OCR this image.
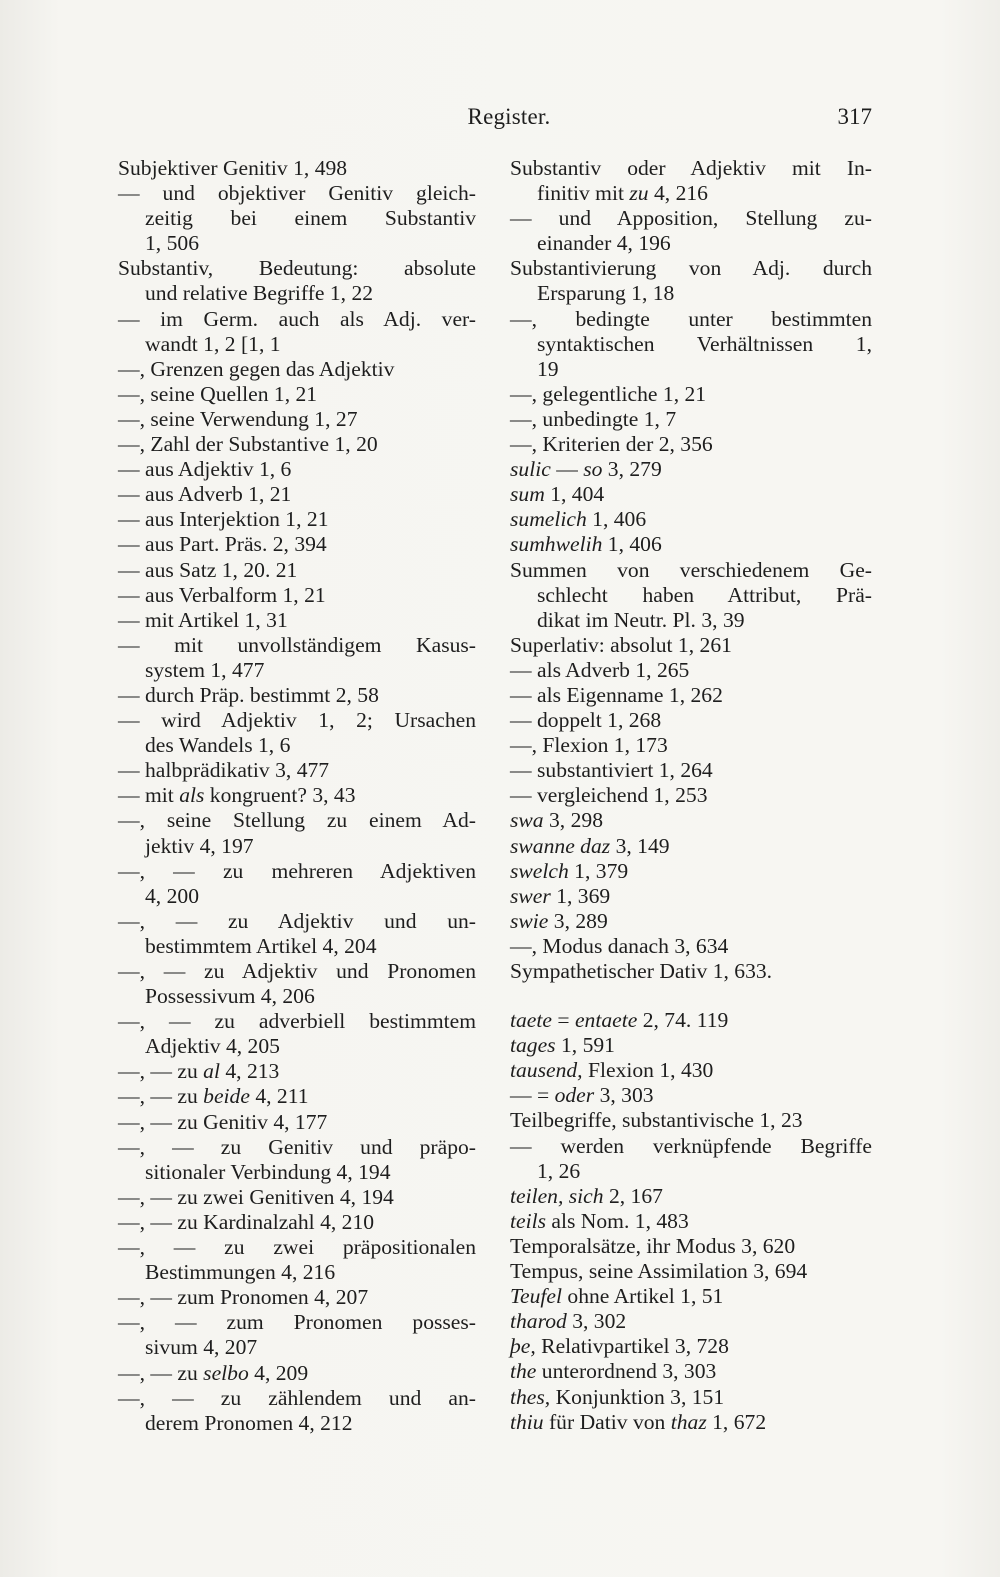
Register.	317
Subjektiver Genitiv 1, 498
— und objektiver Genitiv gleich-
zeitig bei einem Substantiv
1, 506
Substantiv, Bedeutung: absolute
und relative Begriffe 1, 22
— im Germ. auch als Adj. ver-
wandt 1, 2 [1, 1
—, Grenzen gegen das Adjektiv
—, seine Quellen 1, 21
—, seine Verwendung 1, 27
—, Zahl der Substantive 1, 20
— aus Adjektiv 1, 6
— aus Adverb 1, 21
— aus Interjektion 1, 21
— aus Part. Präs. 2, 394
— aus Satz 1, 20. 21
— aus Verbalform 1, 21
— mit Artikel 1, 31
— mit unvollständigem Kasus-
system 1, 477
— durch Präp. bestimmt 2, 58
— wird Adjektiv 1, 2; Ursachen
des Wandels 1, 6
— halbprädikativ 3, 477
— mit als kongruent? 3, 43
—, seine Stellung zu einem Ad-
jektiv 4, 197
—, — zu mehreren Adjektiven
4, 200
—, — zu Adjektiv und un-
bestimmtem Artikel 4, 204
—, — zu Adjektiv und Pronomen
Possessivum 4, 206
—, — zu adverbiell bestimmtem
Adjektiv 4, 205
—, — zu al 4, 213
—, — zu beide 4, 211
—, — zu Genitiv 4, 177
—, — zu Genitiv und präpo-
sitionaler Verbindung 4, 194
—, — zu zwei Genitiven 4, 194
—, — zu Kardinalzahl 4, 210
—, — zu zwei präpositionalen
Bestimmungen 4, 216
—, — zum Pronomen 4, 207
—, — zum Pronomen posses-
sivum 4, 207
—, — zu selbo 4, 209
—, — zu zählendem und an-
derem Pronomen 4, 212
Substantiv oder Adjektiv mit In-
finitiv mit zu 4, 216
— und Apposition, Stellung zu-
einander 4, 196
Substantivierung von Adj. durch
Ersparung 1, 18
—, bedingte unter bestimmten
syntaktischen Verhältnissen 1,
19
—, gelegentliche 1, 21
—, unbedingte 1, 7
—, Kriterien der 2, 356
sulic — so 3, 279
sum 1, 404
sumelich 1, 406
sumhwelih 1, 406
Summen von verschiedenem Ge-
schlecht haben Attribut, Prä-
dikat im Neutr. Pl. 3, 39
Superlativ: absolut 1, 261
— als Adverb 1, 265
— als Eigenname 1, 262
— doppelt 1, 268
—, Flexion 1, 173
— substantiviert 1, 264
— vergleichend 1, 253
swa 3, 298
swanne daz 3, 149
swelch 1, 379
swer 1, 369
swie 3, 289
—, Modus danach 3, 634
Sympathetischer Dativ 1, 633.
taete = entaete 2, 74. 119
tages 1, 591
tausend, Flexion 1, 430
— = oder 3, 303
Teilbegriffe, substantivische 1, 23
— werden verknüpfende Begriffe
1, 26
teilen, sich 2, 167
teils als Nom. 1, 483
Temporalsätze, ihr Modus 3, 620
Tempus, seine Assimilation 3, 694
Teufel ohne Artikel 1, 51
tharod 3, 302
þe, Relativpartikel 3, 728
the unterordnend 3, 303
thes, Konjunktion 3, 151
thiu für Dativ von thaz 1, 672
